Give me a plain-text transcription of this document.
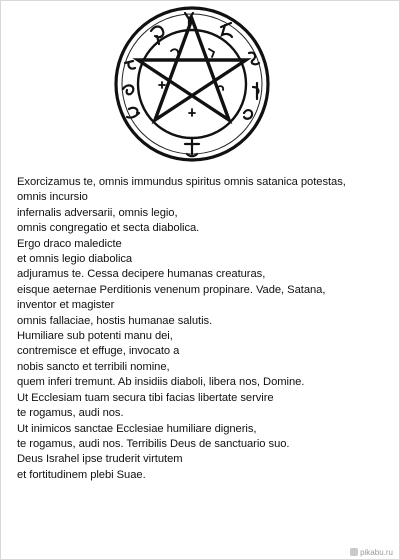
Exorcizamus te, omnis immundus spiritus omnis satanica potestas,
omnis incursio
infernalis adversarii, omnis legio,
omnis congregatio et secta diabolica.
Ergo draco maledicte
et omnis legio diabolica
adjuramus te. Cessa decipere humanas creaturas,
eisque aeternae Perditionis venenum propinare. Vade, Satana,
inventor et magister
omnis fallaciae, hostis humanae salutis.
Humiliare sub potenti manu dei,
contremisce et effuge, invocato a
nobis sancto et terribili nomine,
quem inferi tremunt. Ab insidiis diaboli, libera nos, Domine.
Ut Ecclesiam tuam secura tibi facias libertate servire
te rogamus, audi nos.
Ut inimicos sanctae Ecclesiae humiliare digneris,
te rogamus, audi nos. Terribilis Deus de sanctuario suo.
Deus Israhel ipse truderit virtutem
et fortitudinem plebi Suae.
pikabu.ru
